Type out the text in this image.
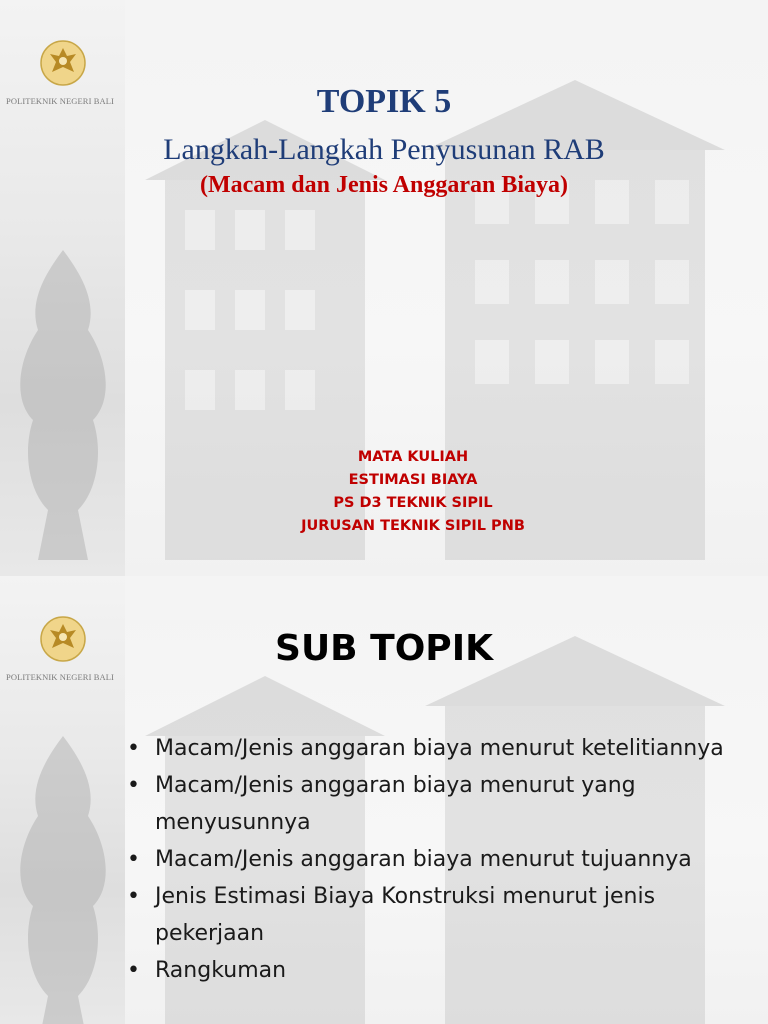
POLITEKNIK NEGERI BALI	TOPIK 5
Langkah-Langkah Penyusunan RAB
(Macam dan Jenis Anggaran Biaya)
MATA KULIAH
ESTIMASI BIAYA
PS D3 TEKNIK SIPIL
JURUSAN TEKNIK SIPIL PNB
POLITEKNIK NEGERI BALI
SUB TOPIK
• Macam/Jenis anggaran biaya menurut ketelitiannya
• Macam/Jenis anggaran biaya menurut yang menyusunnya
• Macam/Jenis anggaran biaya menurut tujuannya
• Jenis Estimasi Biaya Konstruksi menurut jenis pekerjaan
• Rangkuman
